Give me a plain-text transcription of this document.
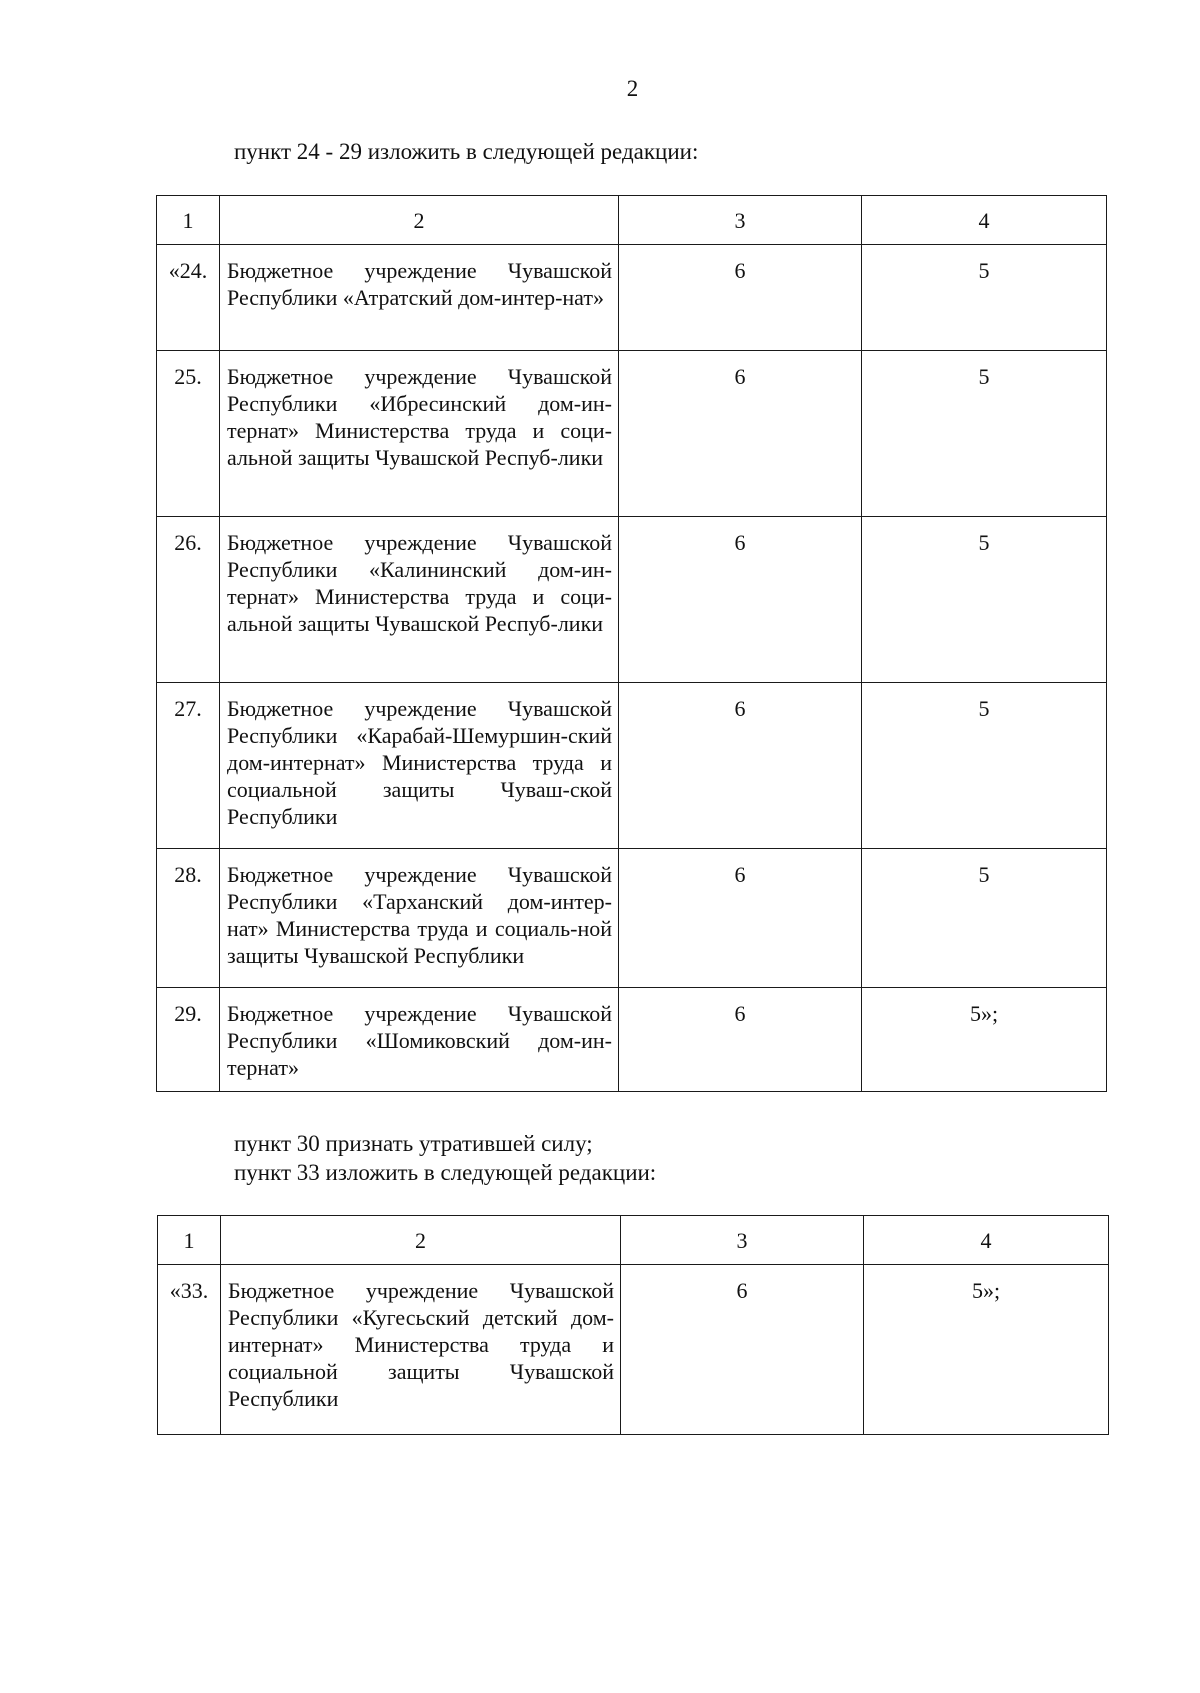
2
пункт 24 - 29 изложить в следующей редакции:
1	2	3	4
«24.	Бюджетное учреждение Чувашской Республики «Атратский дом-интер-нат»	6	5
25.	Бюджетное учреждение Чувашской Республики «Ибресинский дом-ин-тернат» Министерства труда и соци-альной защиты Чувашской Респуб-лики	6	5
26.	Бюджетное учреждение Чувашской Республики «Калининский дом-ин-тернат» Министерства труда и соци-альной защиты Чувашской Респуб-лики	6	5
27.	Бюджетное учреждение Чувашской Республики «Карабай-Шемуршин-ский дом-интернат» Министерства труда и социальной защиты Чуваш-ской Республики	6	5
28.	Бюджетное учреждение Чувашской Республики «Тарханский дом-интер-нат» Министерства труда и социаль-ной защиты Чувашской Республики	6	5
29.	Бюджетное учреждение Чувашской Республики «Шомиковский дом-ин-тернат»	6	5»;
пункт 30 признать утратившей силу;
пункт 33 изложить в следующей редакции:
1	2	3	4
«33.	Бюджетное учреждение Чувашской Республики «Кугесьский детский дом-интернат» Министерства труда и социальной защиты Чувашской Республики	6	5»;
